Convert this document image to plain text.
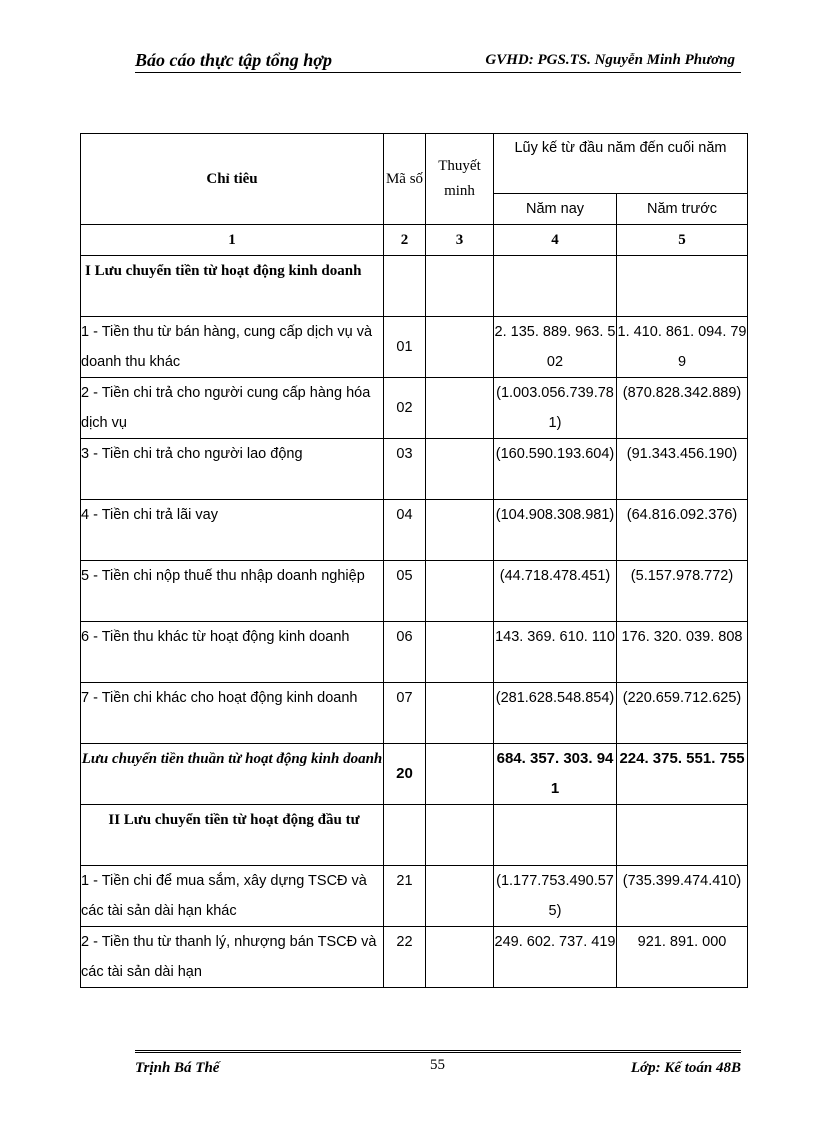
Báo cáo thực tập tổng hợp	GVHD: PGS.TS. Nguyễn Minh Phương
Chỉ tiêu	Mã số	Thuyết minh	Lũy kế từ đầu năm đến cuối năm	
			Năm nay	Năm trước
1	2	3	4	5
I Lưu chuyển tiền từ hoạt động kinh doanh				
1 - Tiền thu từ bán hàng, cung cấp dịch vụ và doanh thu khác	01		2. 135. 889. 963. 502	1. 410. 861. 094. 799
2 - Tiền chi trả cho người cung cấp hàng hóa dịch vụ	02		(1.003.056.739.781)	(870.828.342.889)
3 - Tiền chi trả cho người lao động	03		(160.590.193.604)	(91.343.456.190)
4 - Tiền chi trả lãi vay	04		(104.908.308.981)	(64.816.092.376)
5 - Tiền chi nộp thuế thu nhập doanh nghiệp	05		(44.718.478.451)	(5.157.978.772)
6 - Tiền thu khác từ hoạt động kinh doanh	06		143. 369. 610. 110	176. 320. 039. 808
7 - Tiền chi khác cho hoạt động kinh doanh	07		(281.628.548.854)	(220.659.712.625)
Lưu chuyển tiền thuần từ hoạt động kinh doanh	20		684. 357. 303. 941	224. 375. 551. 755
II Lưu chuyển tiền từ hoạt động đầu tư				
1 - Tiền chi để mua sắm, xây dựng TSCĐ và các tài sản dài hạn khác	21		(1.177.753.490.575)	(735.399.474.410)
2 - Tiền thu từ thanh lý, nhượng bán TSCĐ và các tài sản dài hạn	22		249. 602. 737. 419	921. 891. 000
Trịnh Bá Thế	55	Lớp: Kế toán 48B
